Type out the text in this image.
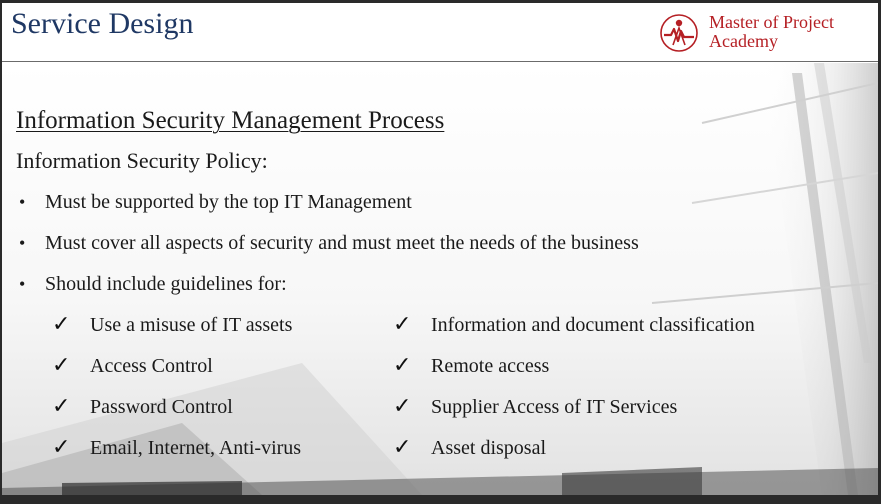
Service Design	Master of Project
Academy
Information Security Management Process
Information Security Policy:
• Must be supported by the top IT Management
• Must cover all aspects of security and must meet the needs of the business
• Should include guidelines for:
✓ Use a misuse of IT assets
✓ Access Control
✓ Password Control
✓ Email, Internet, Anti-virus
✓ Information and document classification
✓ Remote access
✓ Supplier Access of IT Services
✓ Asset disposal
